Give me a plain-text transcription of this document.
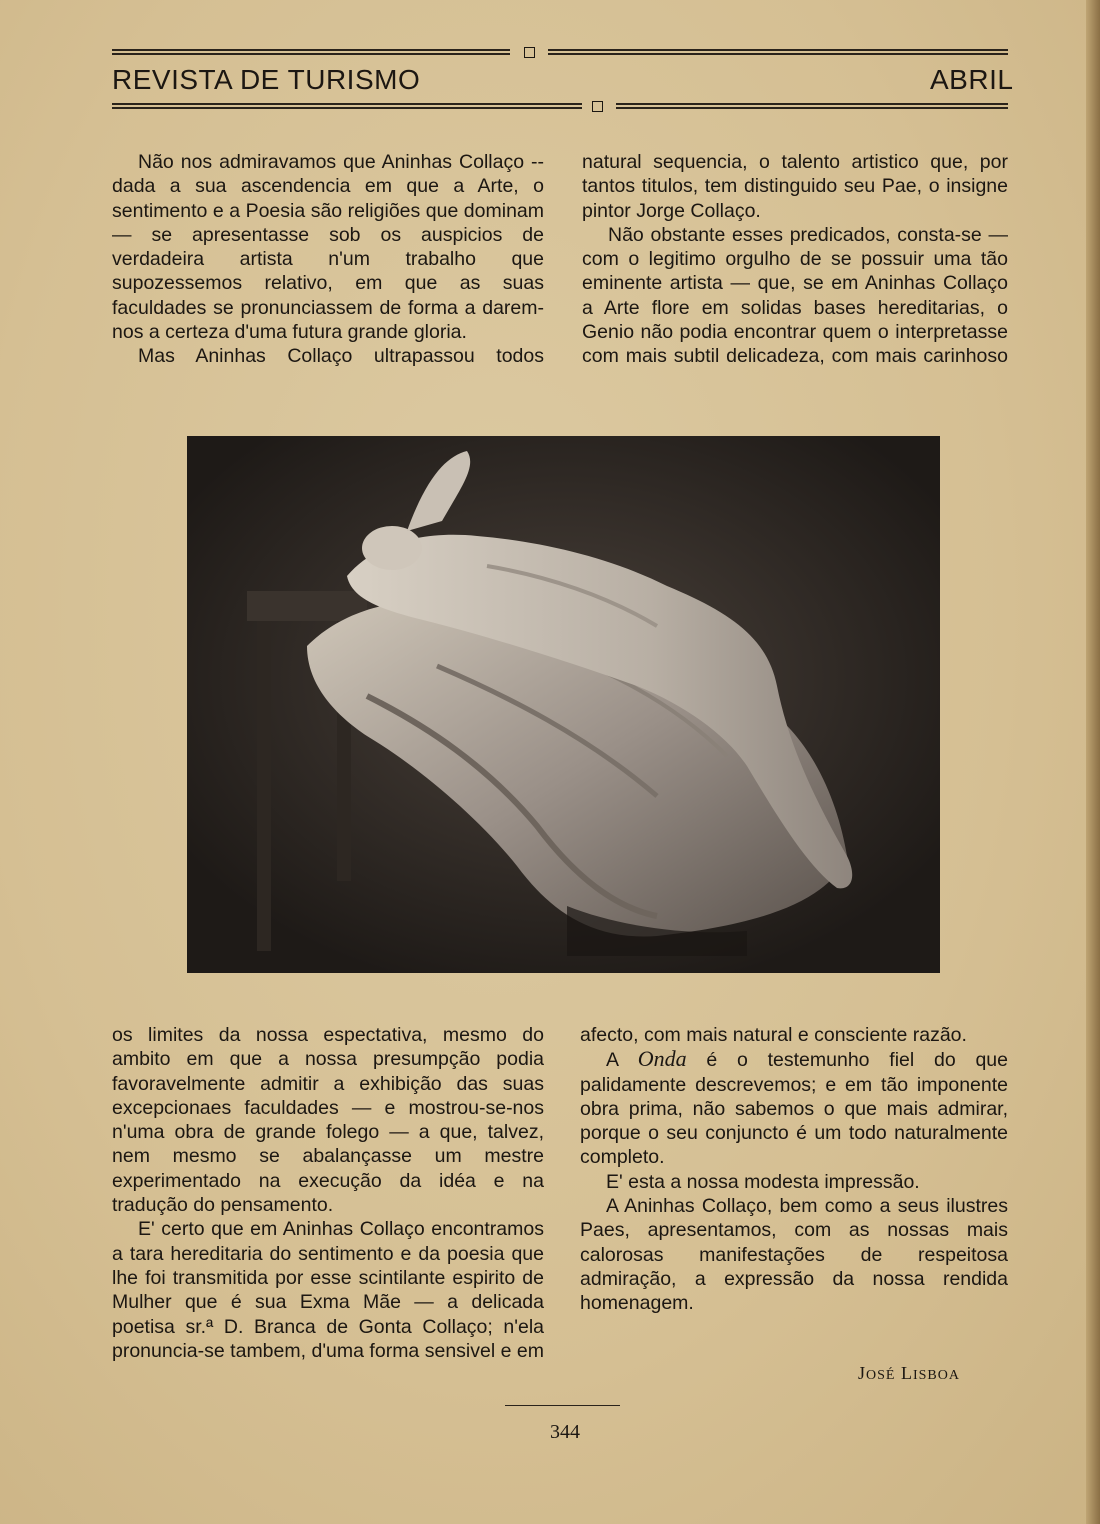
REVISTA DE TURISMO	ABRIL

Não nos admiravamos que Aninhas Collaço -- dada a sua ascendencia em que a Arte, o sentimento e a Poesia são religiões que dominam — se apresentasse sob os auspicios de verdadeira artista n'um trabalho que supozessemos relativo, em que as suas faculdades se pronunciassem de forma a darem-nos a certeza d'uma futura grande gloria.

Mas Aninhas Collaço ultrapassou todos

natural sequencia, o talento artistico que, por tantos titulos, tem distinguido seu Pae, o insigne pintor Jorge Collaço.

Não obstante esses predicados, consta-se — com o legitimo orgulho de se possuir uma tão eminente artista — que, se em Aninhas Collaço a Arte flore em solidas bases hereditarias, o Genio não podia encontrar quem o interpretasse com mais subtil delicadeza, com mais carinhoso

os limites da nossa espectativa, mesmo do ambito em que a nossa presumpção podia favoravelmente admitir a exhibição das suas excepcionaes faculdades — e mostrou-se-nos n'uma obra de grande folego — a que, talvez, nem mesmo se abalançasse um mestre experimentado na execução da idéa e na tradução do pensamento.

E' certo que em Aninhas Collaço encontramos a tara hereditaria do sentimento e da poesia que lhe foi transmitida por esse scintilante espirito de Mulher que é sua Exma Mãe — a delicada poetisa sr.ª D. Branca de Gonta Collaço; n'ela pronuncia-se tambem, d'uma forma sensivel e em

afecto, com mais natural e consciente razão.

A Onda é o testemunho fiel do que palidamente descrevemos; e em tão imponente obra prima, não sabemos o que mais admirar, porque o seu conjuncto é um todo naturalmente completo.

E' esta a nossa modesta impressão.

A Aninhas Collaço, bem como a seus ilustres Paes, apresentamos, com as nossas mais calorosas manifestações de respeitosa admiração, a expressão da nossa rendida homenagem.

JOSÉ LISBOA
344
